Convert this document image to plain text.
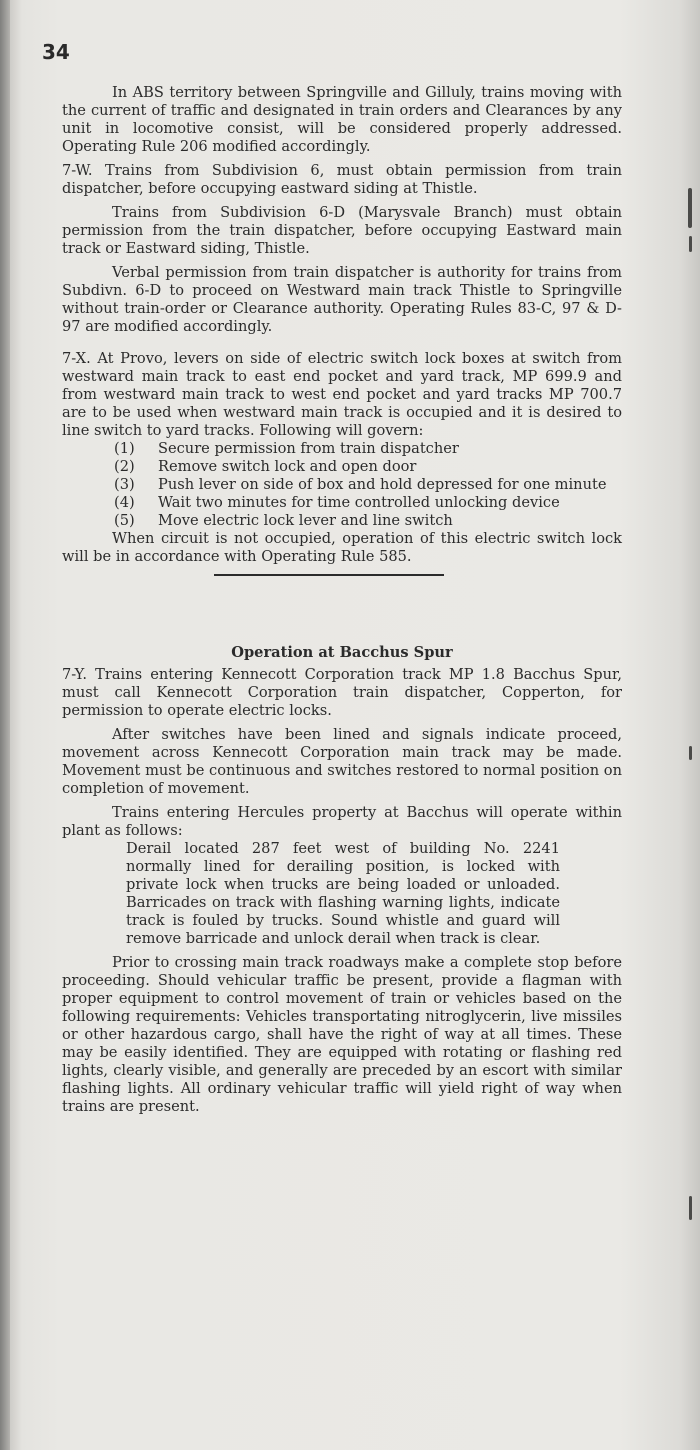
34

In ABS territory between Springville and Gilluly, trains moving with the current of traffic and designated in train orders and Clearances by any unit in locomotive consist, will be considered properly addressed. Operating Rule 206 modified accordingly.

7-W. Trains from Subdivision 6, must obtain permission from train dispatcher, before occupying eastward siding at Thistle.

Trains from Subdivision 6-D (Marysvale Branch) must obtain permission from the train dispatcher, before occupying Eastward main track or Eastward siding, Thistle.

Verbal permission from train dispatcher is authority for trains from Subdivn. 6-D to proceed on Westward main track Thistle to Springville without train-order or Clearance authority. Operating Rules 83-C, 97 & D-97 are modified accordingly.

7-X. At Provo, levers on side of electric switch lock boxes at switch from westward main track to east end pocket and yard track, MP 699.9 and from westward main track to west end pocket and yard tracks MP 700.7 are to be used when westward main track is occupied and it is desired to line switch to yard tracks. Following will govern:

(1)	Secure permission from train dispatcher
(2)	Remove switch lock and open door
(3)	Push lever on side of box and hold depressed for one minute
(4)	Wait two minutes for time controlled unlocking device
(5)	Move electric lock lever and line switch

When circuit is not occupied, operation of this electric switch lock will be in accordance with Operating Rule 585.

Operation at Bacchus Spur

7-Y. Trains entering Kennecott Corporation track MP 1.8 Bacchus Spur, must call Kennecott Corporation train dispatcher, Copperton, for permission to operate electric locks.

After switches have been lined and signals indicate proceed, movement across Kennecott Corporation main track may be made. Movement must be continuous and switches restored to normal position on completion of movement.

Trains entering Hercules property at Bacchus will operate within plant as follows:

Derail located 287 feet west of building No. 2241 normally lined for derailing position, is locked with private lock when trucks are being loaded or unloaded. Barricades on track with flashing warning lights, indicate track is fouled by trucks. Sound whistle and guard will remove barricade and unlock derail when track is clear.

Prior to crossing main track roadways make a complete stop before proceeding. Should vehicular traffic be present, provide a flagman with proper equipment to control movement of train or vehicles based on the following requirements: Vehicles transportating nitroglycerin, live missiles or other hazardous cargo, shall have the right of way at all times. These may be easily identified. They are equipped with rotating or flashing red lights, clearly visible, and generally are preceded by an escort with similar flashing lights. All ordinary vehicular traffic will yield right of way when trains are present.
